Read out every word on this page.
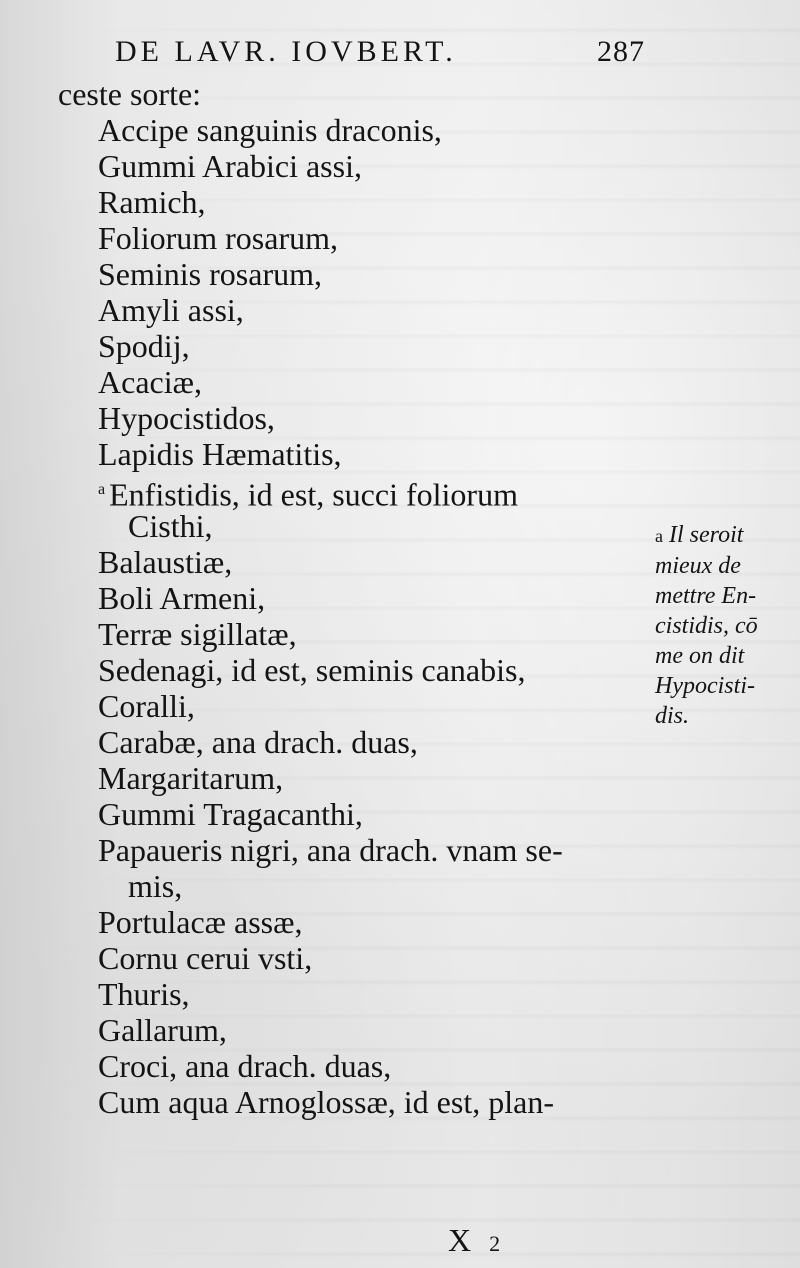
DE LAVR. IOVBERT.	287
ceste sorte:
Accipe sanguinis draconis,
Gummi Arabici assi,
Ramich,
Foliorum rosarum,
Seminis rosarum,
Amyli assi,
Spodij,
Acaciæ,
Hypocistidos,
Lapidis Hæmatitis,
$^a$ Enfistidis, id est, succi foliorum
Cisthi,
Balaustiæ,
Boli Armeni,
Terræ sigillatæ,
Sedenagi, id est, seminis canabis,
Coralli,
Carabæ, ana drach. duas,
Margaritarum,
Gummi Tragacanthi,
Papaueris nigri, ana drach. vnam se-
mis,
Portulacæ assæ,
Cornu cerui vsti,
Thuris,
Gallarum,
Croci, ana drach. duas,
Cum aqua Arnoglossæ, id est, plan-
a Il seroit
mieux de
mettre En-
cistidis, cō
me on dit
Hypocisti-
dis.
X 2
